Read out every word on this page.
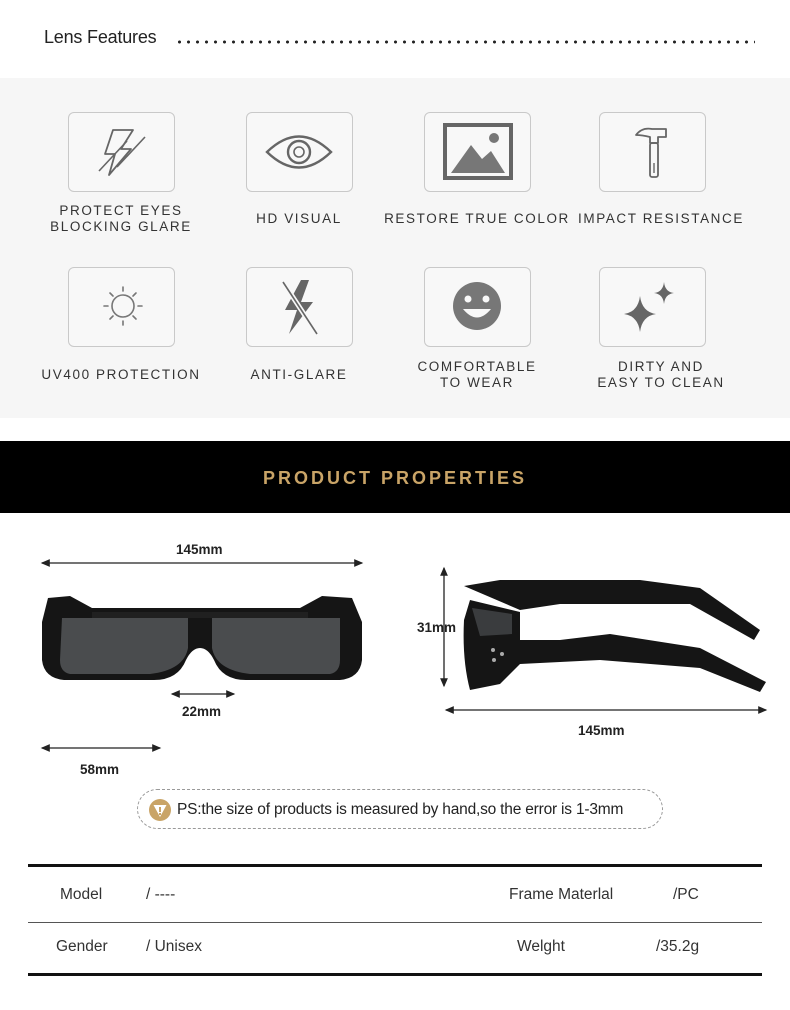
Lens Features
PROTECT EYES
BLOCKING GLARE
HD VISUAL	RESTORE TRUE COLOR IMPACT RESISTANCE
UV400 PROTECTION	ANTI-GLARE
COMFORTABLE
TO WEAR
DIRTY AND
EASY TO CLEAN
PRODUCT PROPERTIES
145mm
22mm
58mm
31mm
145mm
PS:the size of products is measured by hand,so the error is 1-3mm
Model	/ ----	Frame Materlal	/PC
Gender / Unisex	Welght	/35.2g
